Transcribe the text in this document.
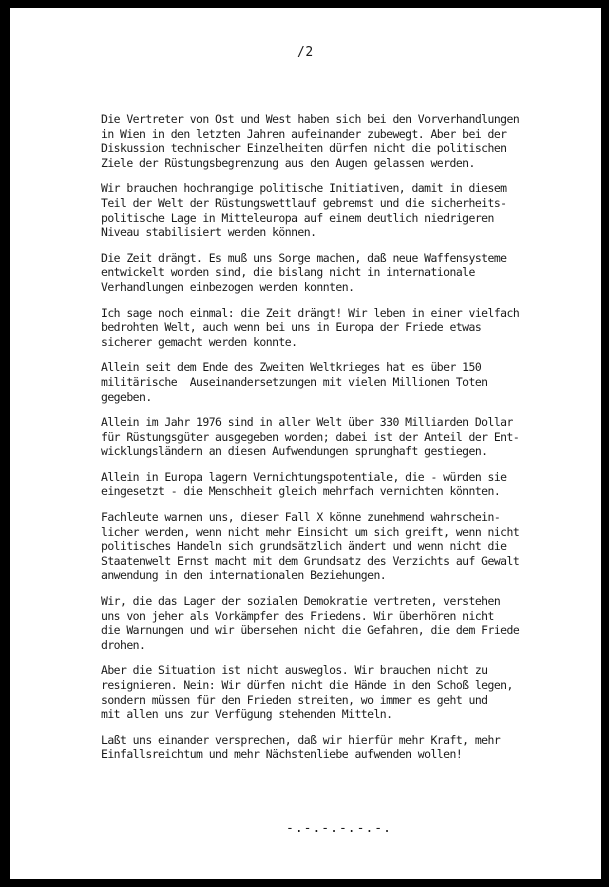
/2

Die Vertreter von Ost und West haben sich bei den Vorverhandlungen
in Wien in den letzten Jahren aufeinander zubewegt. Aber bei der
Diskussion technischer Einzelheiten dürfen nicht die politischen
Ziele der Rüstungsbegrenzung aus den Augen gelassen werden.

Wir brauchen hochrangige politische Initiativen, damit in diesem
Teil der Welt der Rüstungswettlauf gebremst und die sicherheits-
politische Lage in Mitteleuropa auf einem deutlich niedrigeren
Niveau stabilisiert werden können.

Die Zeit drängt. Es muß uns Sorge machen, daß neue Waffensysteme
entwickelt worden sind, die bislang nicht in internationale
Verhandlungen einbezogen werden konnten.

Ich sage noch einmal: die Zeit drängt! Wir leben in einer vielfach
bedrohten Welt, auch wenn bei uns in Europa der Friede etwas
sicherer gemacht werden konnte.

Allein seit dem Ende des Zweiten Weltkrieges hat es über 150
militärische  Auseinandersetzungen mit vielen Millionen Toten
gegeben.

Allein im Jahr 1976 sind in aller Welt über 330 Milliarden Dollar
für Rüstungsgüter ausgegeben worden; dabei ist der Anteil der Ent-
wicklungsländern an diesen Aufwendungen sprunghaft gestiegen.

Allein in Europa lagern Vernichtungspotentiale, die - würden sie
eingesetzt - die Menschheit gleich mehrfach vernichten könnten.

Fachleute warnen uns, dieser Fall X könne zunehmend wahrschein-
licher werden, wenn nicht mehr Einsicht um sich greift, wenn nicht
politisches Handeln sich grundsätzlich ändert und wenn nicht die
Staatenwelt Ernst macht mit dem Grundsatz des Verzichts auf Gewalt
anwendung in den internationalen Beziehungen.

Wir, die das Lager der sozialen Demokratie vertreten, verstehen
uns von jeher als Vorkämpfer des Friedens. Wir überhören nicht
die Warnungen und wir übersehen nicht die Gefahren, die dem Friede
drohen.

Aber die Situation ist nicht ausweglos. Wir brauchen nicht zu
resignieren. Nein: Wir dürfen nicht die Hände in den Schoß legen,
sondern müssen für den Frieden streiten, wo immer es geht und
mit allen uns zur Verfügung stehenden Mitteln.

Laßt uns einander versprechen, daß wir hierfür mehr Kraft, mehr
Einfallsreichtum und mehr Nächstenliebe aufwenden wollen!

-.-.-.-.-.-.
